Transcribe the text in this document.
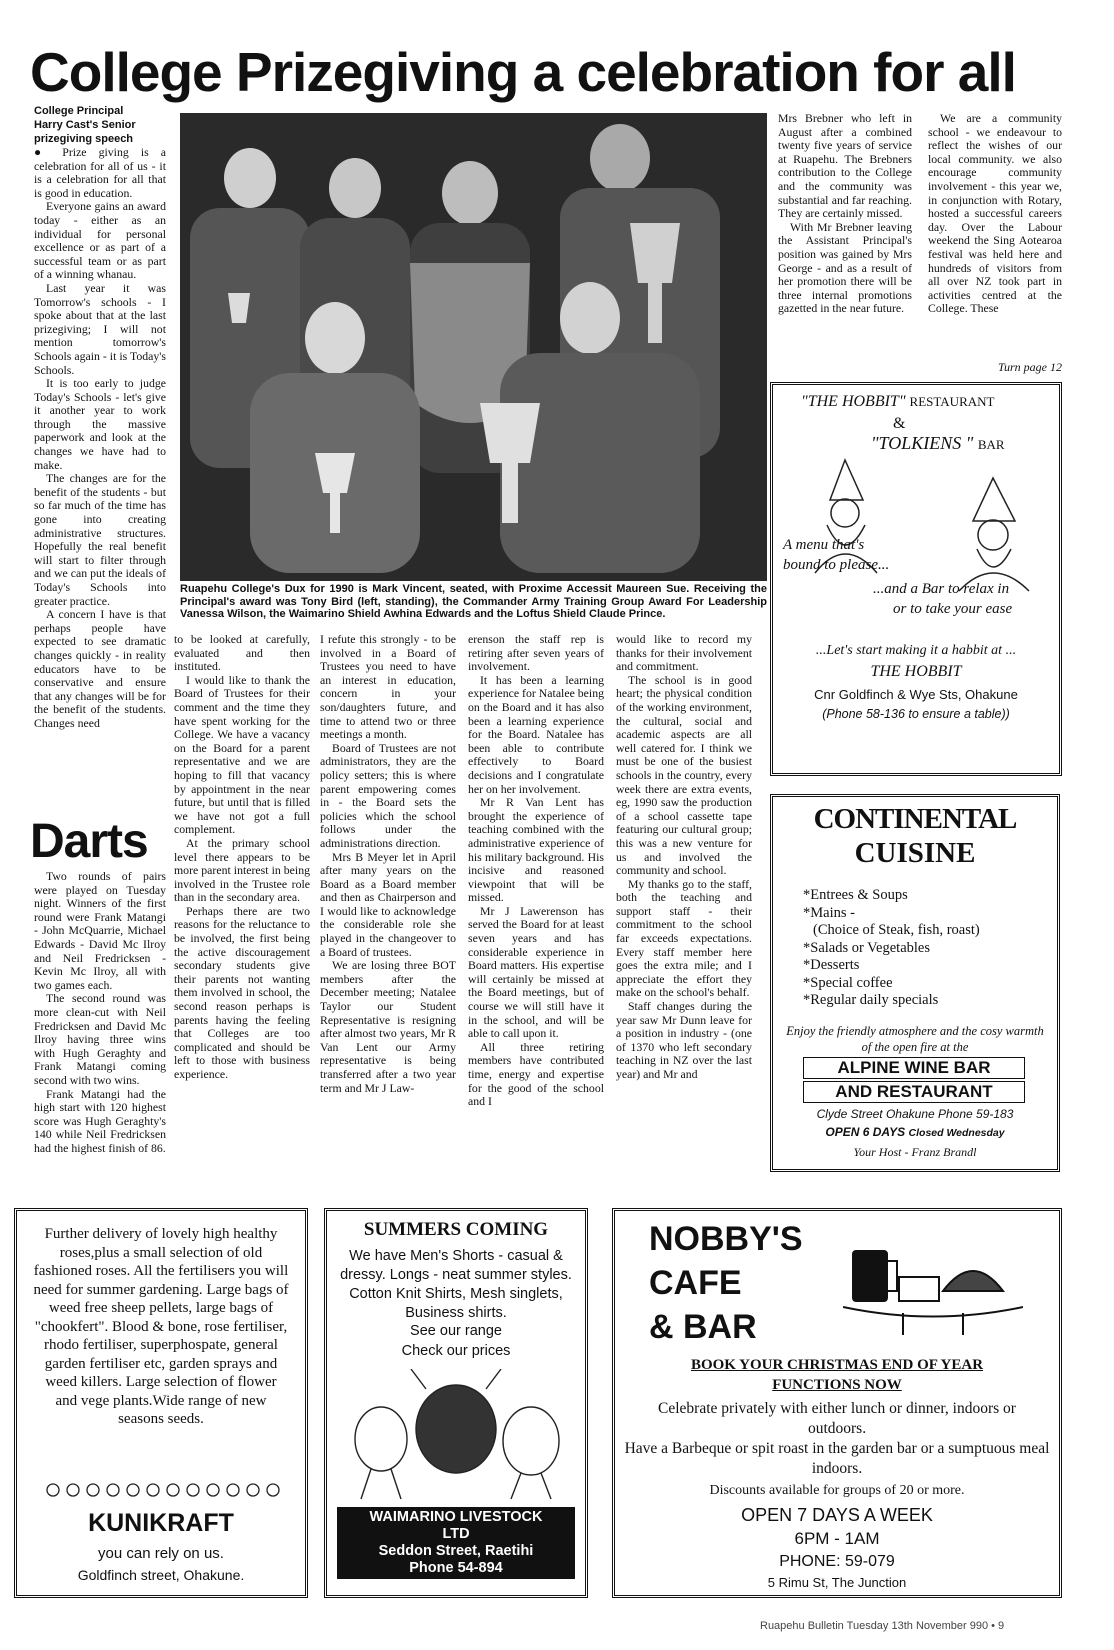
College Prizegiving a celebration for all
College Principal
Harry Cast's Senior
prizegiving speech

● Prize giving is a celebration for all of us - it is a celebration for all that is good in education.

Everyone gains an award today - either as an individual for personal excellence or as part of a successful team or as part of a winning whanau.

Last year it was Tomorrow's schools - I spoke about that at the last prizegiving; I will not mention tomorrow's Schools again - it is Today's Schools.

It is too early to judge Today's Schools - let's give it another year to work through the massive paperwork and look at the changes we have had to make.

The changes are for the benefit of the students - but so far much of the time has gone into creating administrative structures. Hopefully the real benefit will start to filter through and we can put the ideals of Today's Schools into greater practice.

A concern I have is that perhaps people have expected to see dramatic changes quickly - in reality educators have to be conservative and ensure that any changes will be for the benefit of the students. Changes need

Darts

Two rounds of pairs were played on Tuesday night. Winners of the first round were Frank Matangi - John McQuarrie, Michael Edwards - David Mc Ilroy and Neil Fredricksen - Kevin Mc Ilroy, all with two games each.

The second round was more clean-cut with Neil Fredricksen and David Mc Ilroy having three wins with Hugh Geraghty and Frank Matangi coming second with two wins.

Frank Matangi had the high start with 120 highest score was Hugh Geraghty's 140 while Neil Fredricksen had the highest finish of 86.

Ruapehu College's Dux for 1990 is Mark Vincent, seated, with Proxime Accessit Maureen Sue. Receiving the Principal's award was Tony Bird (left, standing), the Commander Army Training Group Award For Leadership Vanessa Wilson, the Waimarino Shield Awhina Edwards and the Loftus Shield Claude Prince.

to be looked at carefully, evaluated and then instituted.

I would like to thank the Board of Trustees for their comment and the time they have spent working for the College. We have a vacancy on the Board for a parent representative and we are hoping to fill that vacancy by appointment in the near future, but until that is filled we have not got a full complement.

At the primary school level there appears to be more parent interest in being involved in the Trustee role than in the secondary area.

Perhaps there are two reasons for the reluctance to be involved, the first being the active discouragement secondary students give their parents not wanting them involved in school, the second reason perhaps is parents having the feeling that Colleges are too complicated and should be left to those with business experience.

I refute this strongly - to be involved in a Board of Trustees you need to have an interest in education, concern in your son/daughters future, and time to attend two or three meetings a month.

Board of Trustees are not administrators, they are the policy setters; this is where parent empowering comes in - the Board sets the policies which the school follows under the administrations direction.

Mrs B Meyer let in April after many years on the Board as a Board member and then as Chairperson and I would like to acknowledge the considerable role she played in the changeover to a Board of trustees.

We are losing three BOT members after the December meeting; Natalee Taylor our Student Representative is resigning after almost two years, Mr R Van Lent our Army representative is being transferred after a two year term and Mr J Law-

erenson the staff rep is retiring after seven years of involvement.

It has been a learning experience for Natalee being on the Board and it has also been a learning experience for the Board. Natalee has been able to contribute effectively to Board decisions and I congratulate her on her involvement.

Mr R Van Lent has brought the experience of teaching combined with the administrative experience of his military background. His incisive and reasoned viewpoint that will be missed.

Mr J Lawerenson has served the Board for at least seven years and has considerable experience in Board matters. His expertise will certainly be missed at the Board meetings, but of course we will still have it in the school, and will be able to call upon it.

All three retiring members have contributed time, energy and expertise for the good of the school and I

would like to record my thanks for their involvement and commitment.

The school is in good heart; the physical condition of the working environment, the cultural, social and academic aspects are all well catered for. I think we must be one of the busiest schools in the country, every week there are extra events, eg, 1990 saw the production of a school cassette tape featuring our cultural group; this was a new venture for us and involved the community and school.

My thanks go to the staff, both the teaching and support staff - their commitment to the school far exceeds expectations. Every staff member here goes the extra mile; and I appreciate the effort they make on the school's behalf.

Staff changes during the year saw Mr Dunn leave for a position in industry - (one of 1370 who left secondary teaching in NZ over the last year) and Mr and

Mrs Brebner who left in August after a combined twenty five years of service at Ruapehu. The Brebners contribution to the College and the community was substantial and far reaching. They are certainly missed.

With Mr Brebner leaving the Assistant Principal's position was gained by Mrs George - and as a result of her promotion there will be three internal promotions gazetted in the near future.

We are a community school - we endeavour to reflect the wishes of our local community. we also encourage community involvement - this year we, in conjunction with Rotary, hosted a successful careers day. Over the Labour weekend the Sing Aotearoa festival was held here and hundreds of visitors from all over NZ took part in activities centred at the College. These

Turn page 12
"THE HOBBIT" RESTAURANT
&
"TOLKIENS " BAR
A menu that's
bound to please...
...and a Bar to relax in
or to take your ease
...Let's start making it a habbit at ...
THE HOBBIT
Cnr Goldfinch & Wye Sts, Ohakune
(Phone 58-136 to ensure a table))
CONTINENTAL
CUISINE
*Entrees & Soups
*Mains -
(Choice of Steak, fish, roast)
*Salads or Vegetables
*Desserts
*Special coffee
*Regular daily specials
Enjoy the friendly atmosphere and the cosy warmth of the open fire at the
ALPINE WINE BAR
AND RESTAURANT
Clyde Street Ohakune Phone 59-183
OPEN 6 DAYS Closed Wednesday
Your Host - Franz Brandl
Further delivery of lovely high healthy roses,plus a small selection of old fashioned roses. All the fertilisers you will need for summer gardening. Large bags of weed free sheep pellets, large bags of "chookfert". Blood & bone, rose fertiliser, rhodo fertiliser, superphospate, general garden fertiliser etc, garden sprays and weed killers. Large selection of flower and vege plants.Wide range of new seasons seeds.
KUNIKRAFT
you can rely on us.
Goldfinch street, Ohakune.
SUMMERS COMING
We have Men's Shorts - casual & dressy. Longs - neat summer styles. Cotton Knit Shirts, Mesh singlets, Business shirts.
See our range
Check our prices
WAIMARINO LIVESTOCK
LTD
Seddon Street, Raetihi
Phone 54-894
NOBBY'S
CAFE
& BAR
BOOK YOUR CHRISTMAS END OF YEAR
FUNCTIONS NOW
Celebrate privately with either lunch or dinner, indoors or outdoors.
Have a Barbeque or spit roast in the garden bar or a sumptuous meal indoors.
Discounts available for groups of 20 or more.
OPEN 7 DAYS A WEEK
6PM - 1AM
PHONE: 59-079
5 Rimu St, The Junction
Ruapehu Bulletin Tuesday 13th November 990 • 9
